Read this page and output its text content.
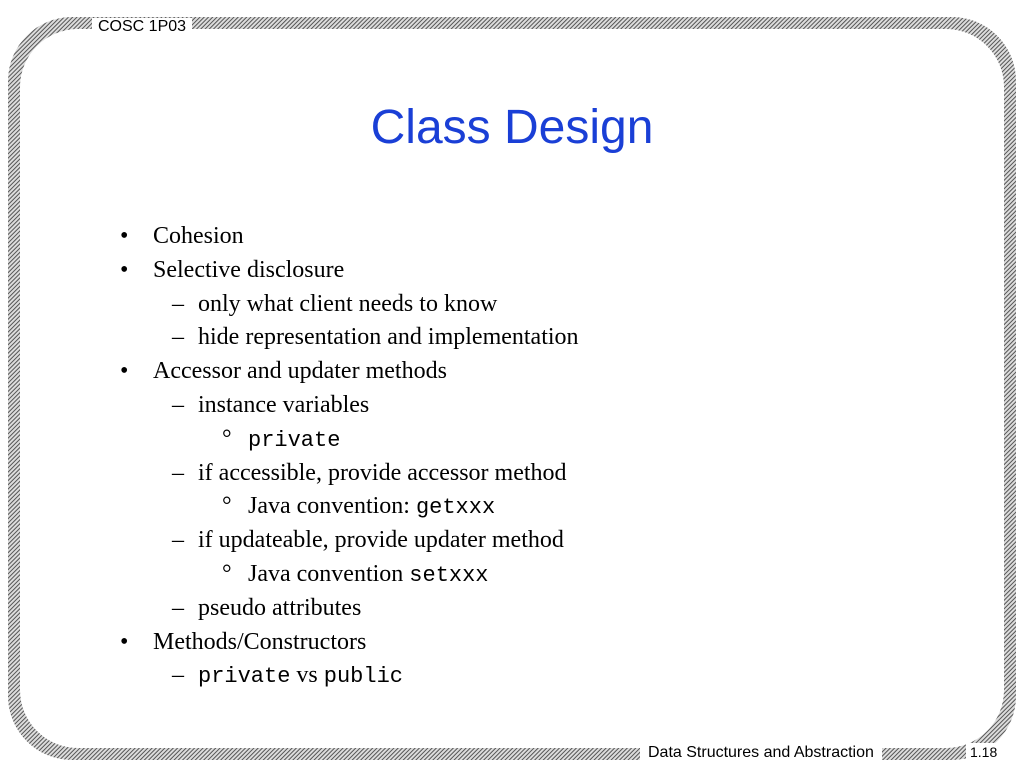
COSC 1P03
Data Structures and Abstraction	1.18
Class Design
Cohesion
Selective disclosure
only what client needs to know
hide representation and implementation
Accessor and updater methods
instance variables
private
if accessible, provide accessor method
Java convention: getxxx
if updateable, provide updater method
Java convention setxxx
pseudo attributes
Methods/Constructors
private vs public
•
•
–
–
•
–
°
–
°
–
°
–
•
–
